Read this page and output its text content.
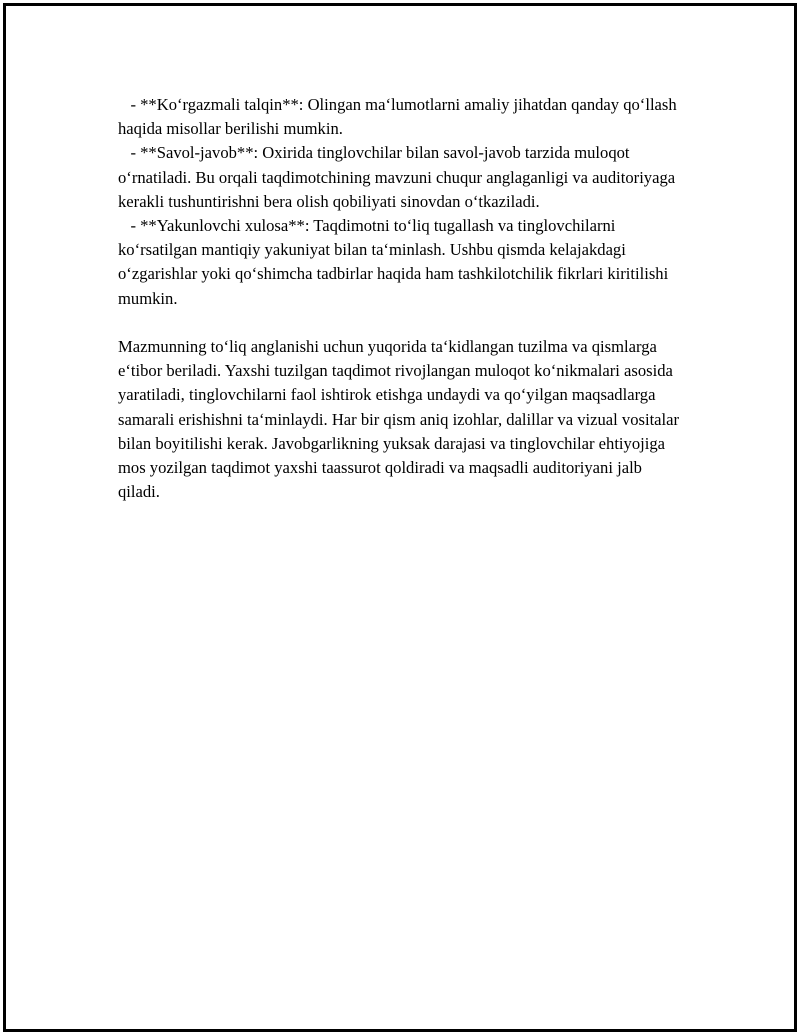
- **Koʻrgazmali talqin**: Olingan maʻlumotlarni amaliy jihatdan qanday qoʻllash haqida misollar berilishi mumkin.

- **Savol-javob**: Oxirida tinglovchilar bilan savol-javob tarzida muloqot oʻrnatiladi. Bu orqali taqdimotchining mavzuni chuqur anglaganligi va auditoriyaga kerakli tushuntirishni bera olish qobiliyati sinovdan oʻtkaziladi.

- **Yakunlovchi xulosa**: Taqdimotni toʻliq tugallash va tinglovchilarni koʻrsatilgan mantiqiy yakuniyat bilan taʻminlash. Ushbu qismda kelajakdagi oʻzgarishlar yoki qoʻshimcha tadbirlar haqida ham tashkilotchilik fikrlari kiritilishi mumkin.

Mazmunning toʻliq anglanishi uchun yuqorida taʻkidlangan tuzilma va qismlarga eʻtibor beriladi. Yaxshi tuzilgan taqdimot rivojlangan muloqot koʻnikmalari asosida yaratiladi, tinglovchilarni faol ishtirok etishga undaydi va qoʻyilgan maqsadlarga samarali erishishni taʻminlaydi. Har bir qism aniq izohlar, dalillar va vizual vositalar bilan boyitilishi kerak. Javobgarlikning yuksak darajasi va tinglovchilar ehtiyojiga mos yozilgan taqdimot yaxshi taassurot qoldiradi va maqsadli auditoriyani jalb qiladi.
